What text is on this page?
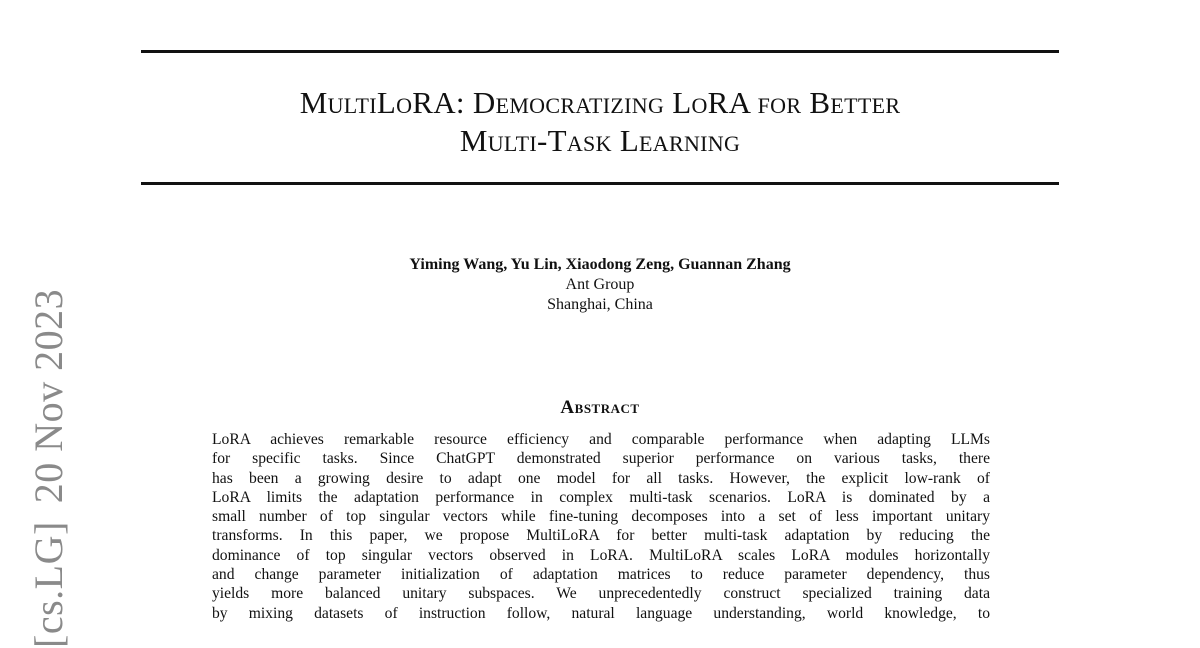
MultiLoRA: Democratizing LoRA for Better
Multi-Task Learning
Yiming Wang, Yu Lin, Xiaodong Zeng, Guannan Zhang
Ant Group
Shanghai, China
Abstract
LoRA achieves remarkable resource efficiency and comparable performance when adapting LLMs
for specific tasks. Since ChatGPT demonstrated superior performance on various tasks, there
has been a growing desire to adapt one model for all tasks. However, the explicit low-rank of
LoRA limits the adaptation performance in complex multi-task scenarios. LoRA is dominated by a
small number of top singular vectors while fine-tuning decomposes into a set of less important unitary
transforms. In this paper, we propose MultiLoRA for better multi-task adaptation by reducing the
dominance of top singular vectors observed in LoRA. MultiLoRA scales LoRA modules horizontally
and change parameter initialization of adaptation matrices to reduce parameter dependency, thus
yields more balanced unitary subspaces. We unprecedentedly construct specialized training data
by mixing datasets of instruction follow, natural language understanding, world knowledge, to
[cs.LG]20 Nov 2023
